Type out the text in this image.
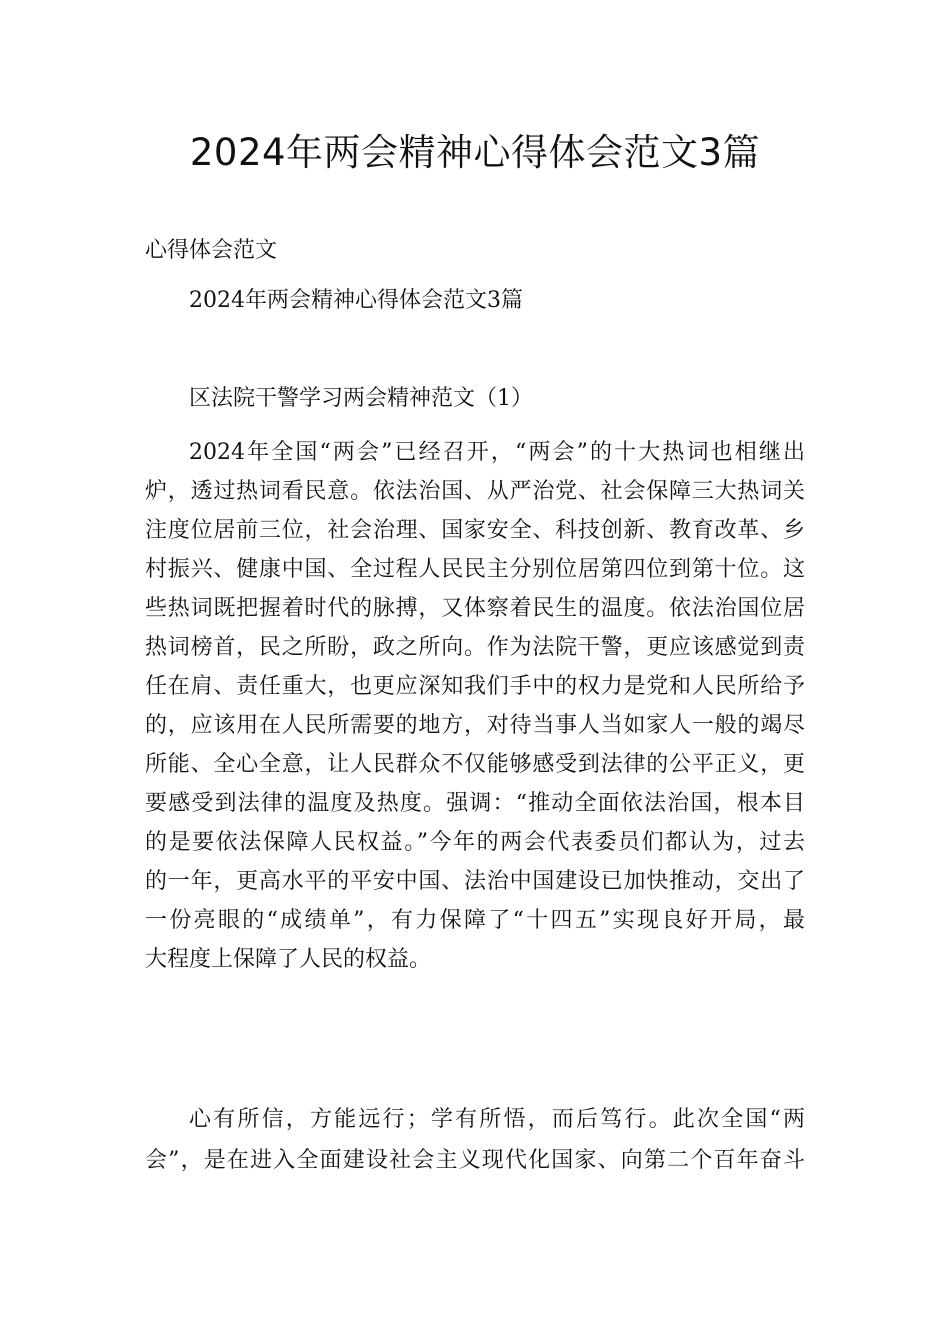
2024年两会精神心得体会范文3篇

心得体会范文

2024年两会精神心得体会范文3篇

区法院干警学习两会精神范文（1）

2024年全国“两会”已经召开，“两会”的十大热词也相继出
炉，透过热词看民意。依法治国、从严治党、社会保障三大热词关
注度位居前三位，社会治理、国家安全、科技创新、教育改革、乡
村振兴、健康中国、全过程人民民主分别位居第四位到第十位。这
些热词既把握着时代的脉搏，又体察着民生的温度。依法治国位居
热词榜首，民之所盼，政之所向。作为法院干警，更应该感觉到责
任在肩、责任重大，也更应深知我们手中的权力是党和人民所给予
的，应该用在人民所需要的地方，对待当事人当如家人一般的竭尽
所能、全心全意，让人民群众不仅能够感受到法律的公平正义，更
要感受到法律的温度及热度。强调：“推动全面依法治国，根本目
的是要依法保障人民权益。”今年的两会代表委员们都认为，过去
的一年，更高水平的平安中国、法治中国建设已加快推动，交出了
一份亮眼的“成绩单”，有力保障了“十四五”实现良好开局，最
大程度上保障了人民的权益。
心有所信，方能远行；学有所悟，而后笃行。此次全国“两
会”，是在进入全面建设社会主义现代化国家、向第二个百年奋斗
